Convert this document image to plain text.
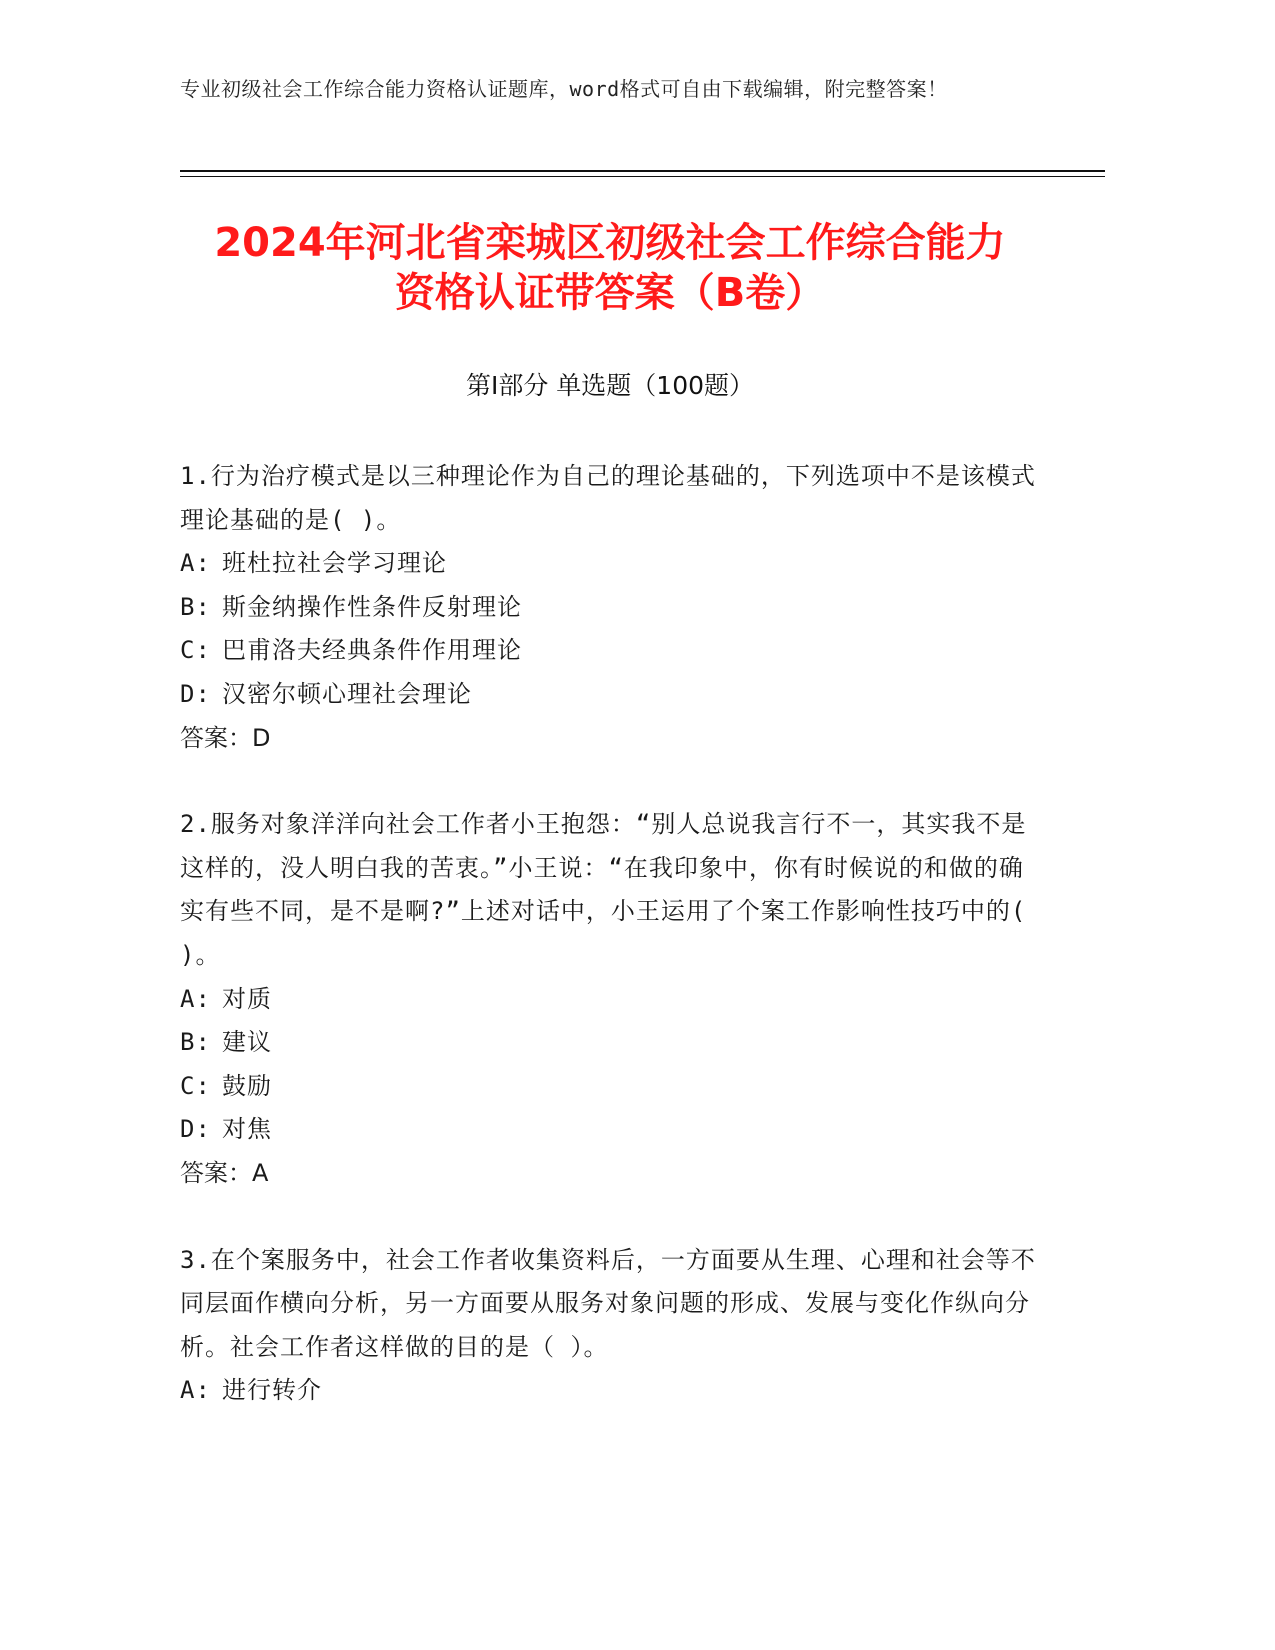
专业初级社会工作综合能力资格认证题库，word格式可自由下载编辑，附完整答案！
2024年河北省栾城区初级社会工作综合能力
资格认证带答案（B卷）
第I部分 单选题（100题）

1.行为治疗模式是以三种理论作为自己的理论基础的，下列选项中不是该模式理论基础的是( )。

A: 班杜拉社会学习理论

B: 斯金纳操作性条件反射理论

C: 巴甫洛夫经典条件作用理论

D: 汉密尔顿心理社会理论

答案：D

2.服务对象洋洋向社会工作者小王抱怨：“别人总说我言行不一，其实我不是这样的，没人明白我的苦衷。”小王说：“在我印象中，你有时候说的和做的确实有些不同，是不是啊?”上述对话中，小王运用了个案工作影响性技巧中的( )。

A: 对质

B: 建议

C: 鼓励

D: 对焦

答案：A

3.在个案服务中，社会工作者收集资料后，一方面要从生理、心理和社会等不同层面作横向分析，另一方面要从服务对象问题的形成、发展与变化作纵向分析。社会工作者这样做的目的是（ ）。

A: 进行转介
